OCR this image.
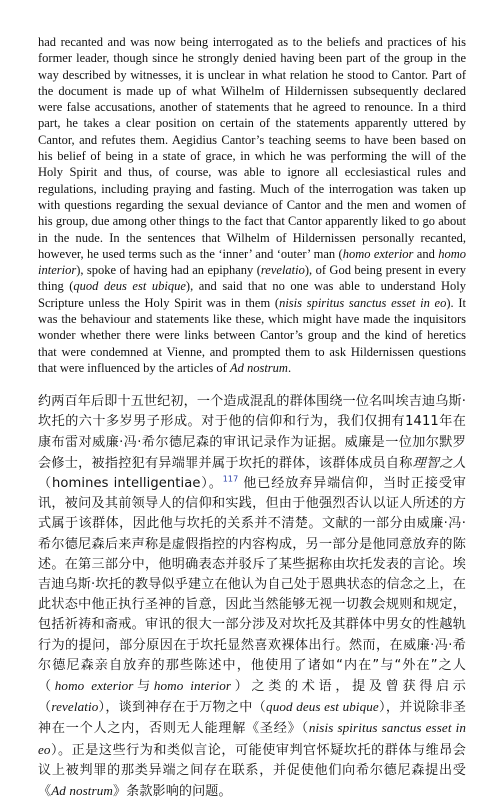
had recanted and was now being interrogated as to the beliefs and practices of his former leader, though since he strongly denied having been part of the group in the way described by witnesses, it is unclear in what relation he stood to Cantor. Part of the document is made up of what Wilhelm of Hildernissen subsequently declared were false accusations, another of statements that he agreed to renounce. In a third part, he takes a clear position on certain of the statements apparently uttered by Cantor, and refutes them. Aegidius Cantor’s teaching seems to have been based on his belief of being in a state of grace, in which he was performing the will of the Holy Spirit and thus, of course, was able to ignore all ecclesiastical rules and regulations, including praying and fasting. Much of the interrogation was taken up with questions regarding the sexual deviance of Cantor and the men and women of his group, due among other things to the fact that Cantor apparently liked to go about in the nude. In the sentences that Wilhelm of Hildernissen personally recanted, however, he used terms such as the ‘inner’ and ‘outer’ man (homo exterior and homo interior), spoke of having had an epiphany (revelatio), of God being present in every thing (quod deus est ubique), and said that no one was able to understand Holy Scripture unless the Holy Spirit was in them (nisis spiritus sanctus esset in eo). It was the behaviour and statements like these, which might have made the inquisitors wonder whether there were links between Cantor’s group and the kind of heretics that were condemned at Vienne, and prompted them to ask Hildernissen questions that were influenced by the articles of Ad nostrum.

约两百年后即十五世纪初，一个造成混乱的群体围绕一位名叫埃吉迪乌斯·坎托的六十多岁男子形成。对于他的信仰和行为，我们仅拥有1411年在康布雷对威廉·冯·希尔德尼森的审讯记录作为证据。威廉是一位加尔默罗会修士，被指控犯有异端罪并属于坎托的群体，该群体成员自称理智之人（homines intelligentiae）。$^{117}$ 他已经放弃异端信仰，当时正接受审讯，被问及其前领导人的信仰和实践，但由于他强烈否认以证人所述的方式属于该群体，因此他与坎托的关系并不清楚。文献的一部分由威廉·冯·希尔德尼森后来声称是虚假指控的内容构成，另一部分是他同意放弃的陈述。在第三部分中，他明确表态并驳斥了某些据称由坎托发表的言论。埃吉迪乌斯·坎托的教导似乎建立在他认为自己处于恩典状态的信念之上，在此状态中他正执行圣神的旨意，因此当然能够无视一切教会规则和规定，包括祈祷和斋戒。审讯的很大一部分涉及对坎托及其群体中男女的性越轨行为的提问，部分原因在于坎托显然喜欢裸体出行。然而，在威廉·冯·希尔德尼森亲自放弃的那些陈述中，他使用了诸如“内在”与“外在”之人（homo exterior与homo interior）之类的术语，提及曾获得启示（revelatio），谈到神存在于万物之中（quod deus est ubique），并说除非圣神在一个人之内，否则无人能理解《圣经》（nisis spiritus sanctus esset in eo）。正是这些行为和类似言论，可能使审判官怀疑坎托的群体与维昂会议上被判罪的那类异端之间存在联系，并促使他们向希尔德尼森提出受《Ad nostrum》条款影响的问题。
